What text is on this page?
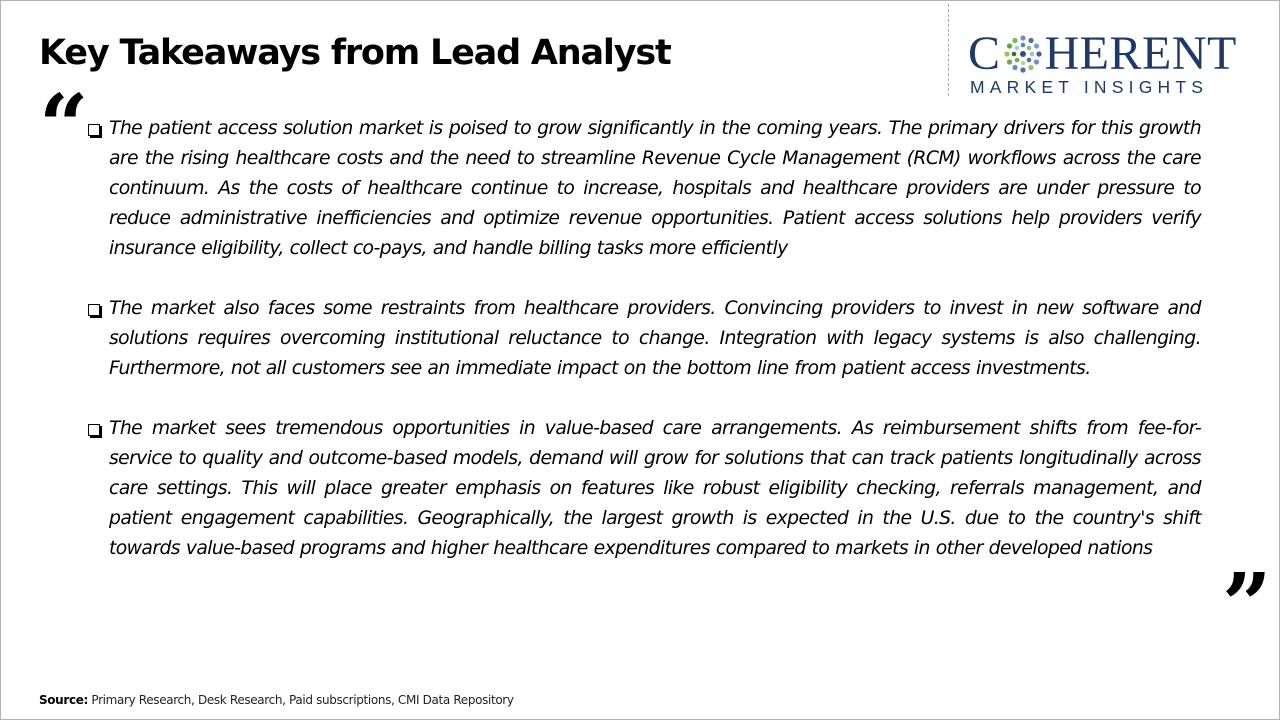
Key Takeaways from Lead Analyst	C HERENT
MARKET INSIGHTS
“ The patient access solution market is poised to grow significantly in the coming years. The primary drivers for this growth are the rising healthcare costs and the need to streamline Revenue Cycle Management (RCM) workflows across the care continuum. As the costs of healthcare continue to increase, hospitals and healthcare providers are under pressure to reduce administrative inefficiencies and optimize revenue opportunities. Patient access solutions help providers verify insurance eligibility, collect co-pays, and handle billing tasks more efficiently

The market also faces some restraints from healthcare providers. Convincing providers to invest in new software and solutions requires overcoming institutional reluctance to change. Integration with legacy systems is also challenging. Furthermore, not all customers see an immediate impact on the bottom line from patient access investments.

The market sees tremendous opportunities in value-based care arrangements. As reimbursement shifts from fee-for-service to quality and outcome-based models, demand will grow for solutions that can track patients longitudinally across care settings. This will place greater emphasis on features like robust eligibility checking, referrals management, and patient engagement capabilities. Geographically, the largest growth is expected in the U.S. due to the country's shift towards value-based programs and higher healthcare expenditures compared to markets in other developed nations

”
Source: Primary Research, Desk Research, Paid subscriptions, CMI Data Repository
